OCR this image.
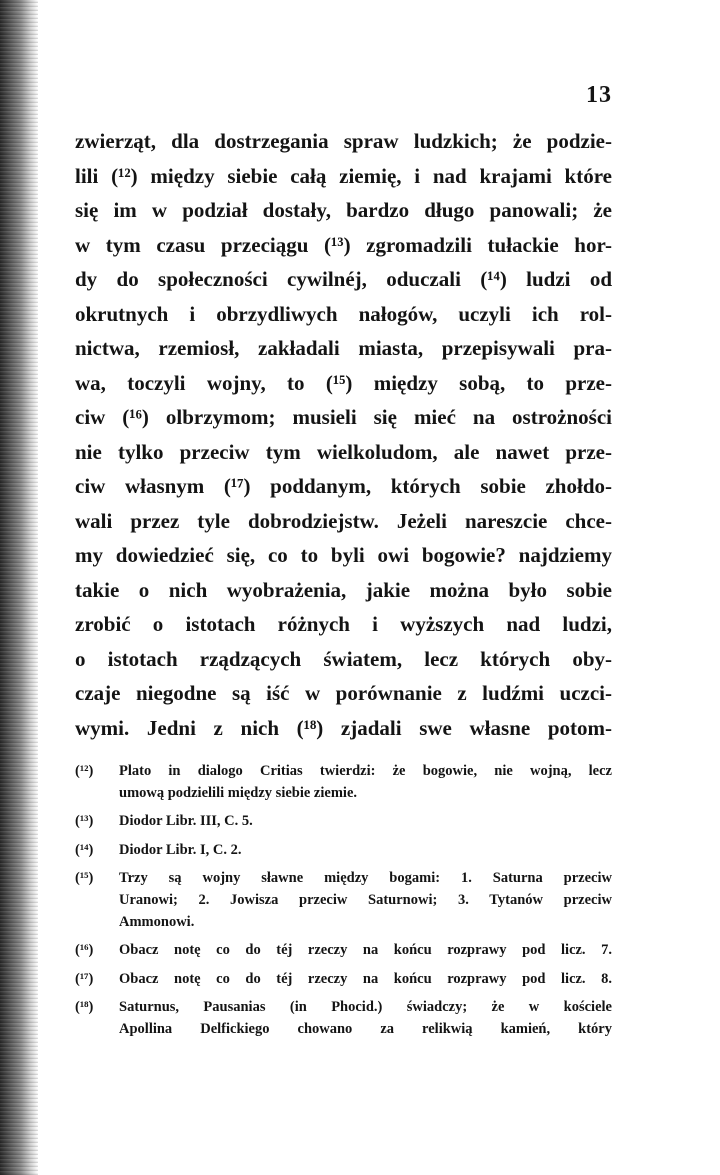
13
zwierząt, dla dostrzegania spraw ludzkich; że podzie-
lili (¹²) między siebie całą ziemię, i nad krajami które
się im w podział dostały, bardzo długo panowali; że
w tym czasu przeciągu (¹³) zgromadzili tułackie hor-
dy do społeczności cywilnéj, oduczali (¹⁴) ludzi od
okrutnych i obrzydliwych nałogów, uczyli ich rol-
nictwa, rzemiosł, zakładali miasta, przepisywali pra-
wa, toczyli wojny, to (¹⁵) między sobą, to prze-
ciw (¹⁶) olbrzymom; musieli się mieć na ostrożności
nie tylko przeciw tym wielkoludom, ale nawet prze-
ciw własnym (¹⁷) poddanym, których sobie zhołdo-
wali przez tyle dobrodziejstw. Jeżeli nareszcie chce-
my dowiedzieć się, co to byli owi bogowie? najdziemy
takie o nich wyobrażenia, jakie można było sobie
zrobić o istotach różnych i wyższych nad ludzi,
o istotach rządzących światem, lecz których oby-
czaje niegodne są iść w porównanie z ludźmi uczci-
wymi. Jedni z nich (¹⁸) zjadali swe własne potom-
(¹²)	Plato in dialogo Critias twierdzi: że bogowie, nie wojną, lecz
umową podzielili między siebie ziemie.
(¹³)	Diodor Libr. III, C. 5.
(¹⁴)	Diodor Libr. I, C. 2.
(¹⁵)	Trzy są wojny sławne między bogami: 1. Saturna przeciw
Uranowi; 2. Jowisza przeciw Saturnowi; 3. Tytanów przeciw
Ammonowi.
(¹⁶)	Obacz notę co do téj rzeczy na końcu rozprawy pod licz. 7.
(¹⁷)	Obacz notę co do téj rzeczy na końcu rozprawy pod licz. 8.
(¹⁸)	Saturnus, Pausanias (in Phocid.) świadczy; że w kościele
Apollina Delfickiego chowano za relikwią kamień, który
